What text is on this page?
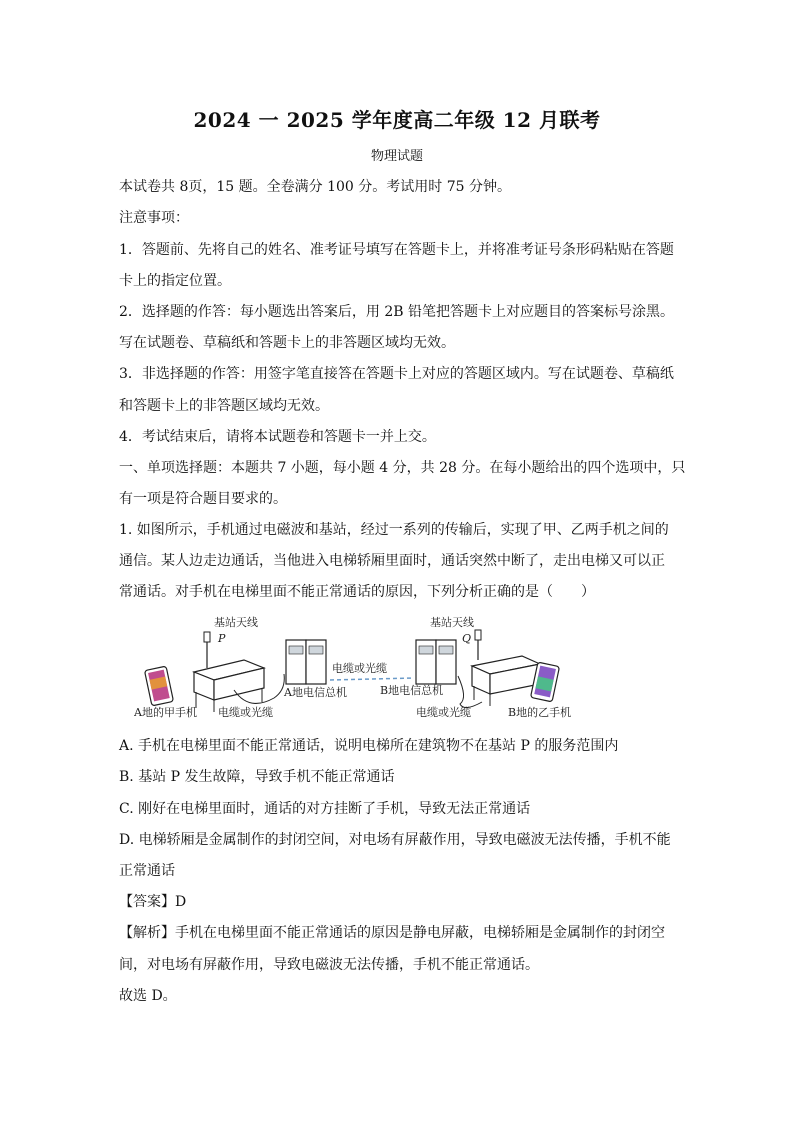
2024 一 2025 学年度高二年级 12 月联考
物理试题
本试卷共 8页，15 题。全卷满分 100 分。考试用时 75 分钟。
注意事项：
1．答题前、先将自己的姓名、准考证号填写在答题卡上，并将准考证号条形码粘贴在答题
卡上的指定位置。
2．选择题的作答：每小题选出答案后，用 2B 铅笔把答题卡上对应题目的答案标号涂黑。
写在试题卷、草稿纸和答题卡上的非答题区域均无效。
3．非选择题的作答：用签字笔直接答在答题卡上对应的答题区域内。写在试题卷、草稿纸
和答题卡上的非答题区域均无效。
4．考试结束后，请将本试题卷和答题卡一并上交。
一、单项选择题：本题共 7 小题，每小题 4 分，共 28 分。在每小题给出的四个选项中，只
有一项是符合题目要求的。
1. 如图所示，手机通过电磁波和基站，经过一系列的传输后，实现了甲、乙两手机之间的
通信。某人边走边通话，当他进入电梯轿厢里面时，通话突然中断了，走出电梯又可以正
常通话。对手机在电梯里面不能正常通话的原因，下列分析正确的是（　　）
基站天线
P
电缆或光缆
A地电信总机	B地电信总机
基站天线
Q
A地的甲手机 电缆或光缆	电缆或光缆	B地的乙手机
A. 手机在电梯里面不能正常通话，说明电梯所在建筑物不在基站 P 的服务范围内
B. 基站 P 发生故障，导致手机不能正常通话
C. 刚好在电梯里面时，通话的对方挂断了手机，导致无法正常通话
D. 电梯轿厢是金属制作的封闭空间，对电场有屏蔽作用，导致电磁波无法传播，手机不能
正常通话
【答案】D
【解析】手机在电梯里面不能正常通话的原因是静电屏蔽，电梯轿厢是金属制作的封闭空
间，对电场有屏蔽作用，导致电磁波无法传播，手机不能正常通话。
故选 D。
